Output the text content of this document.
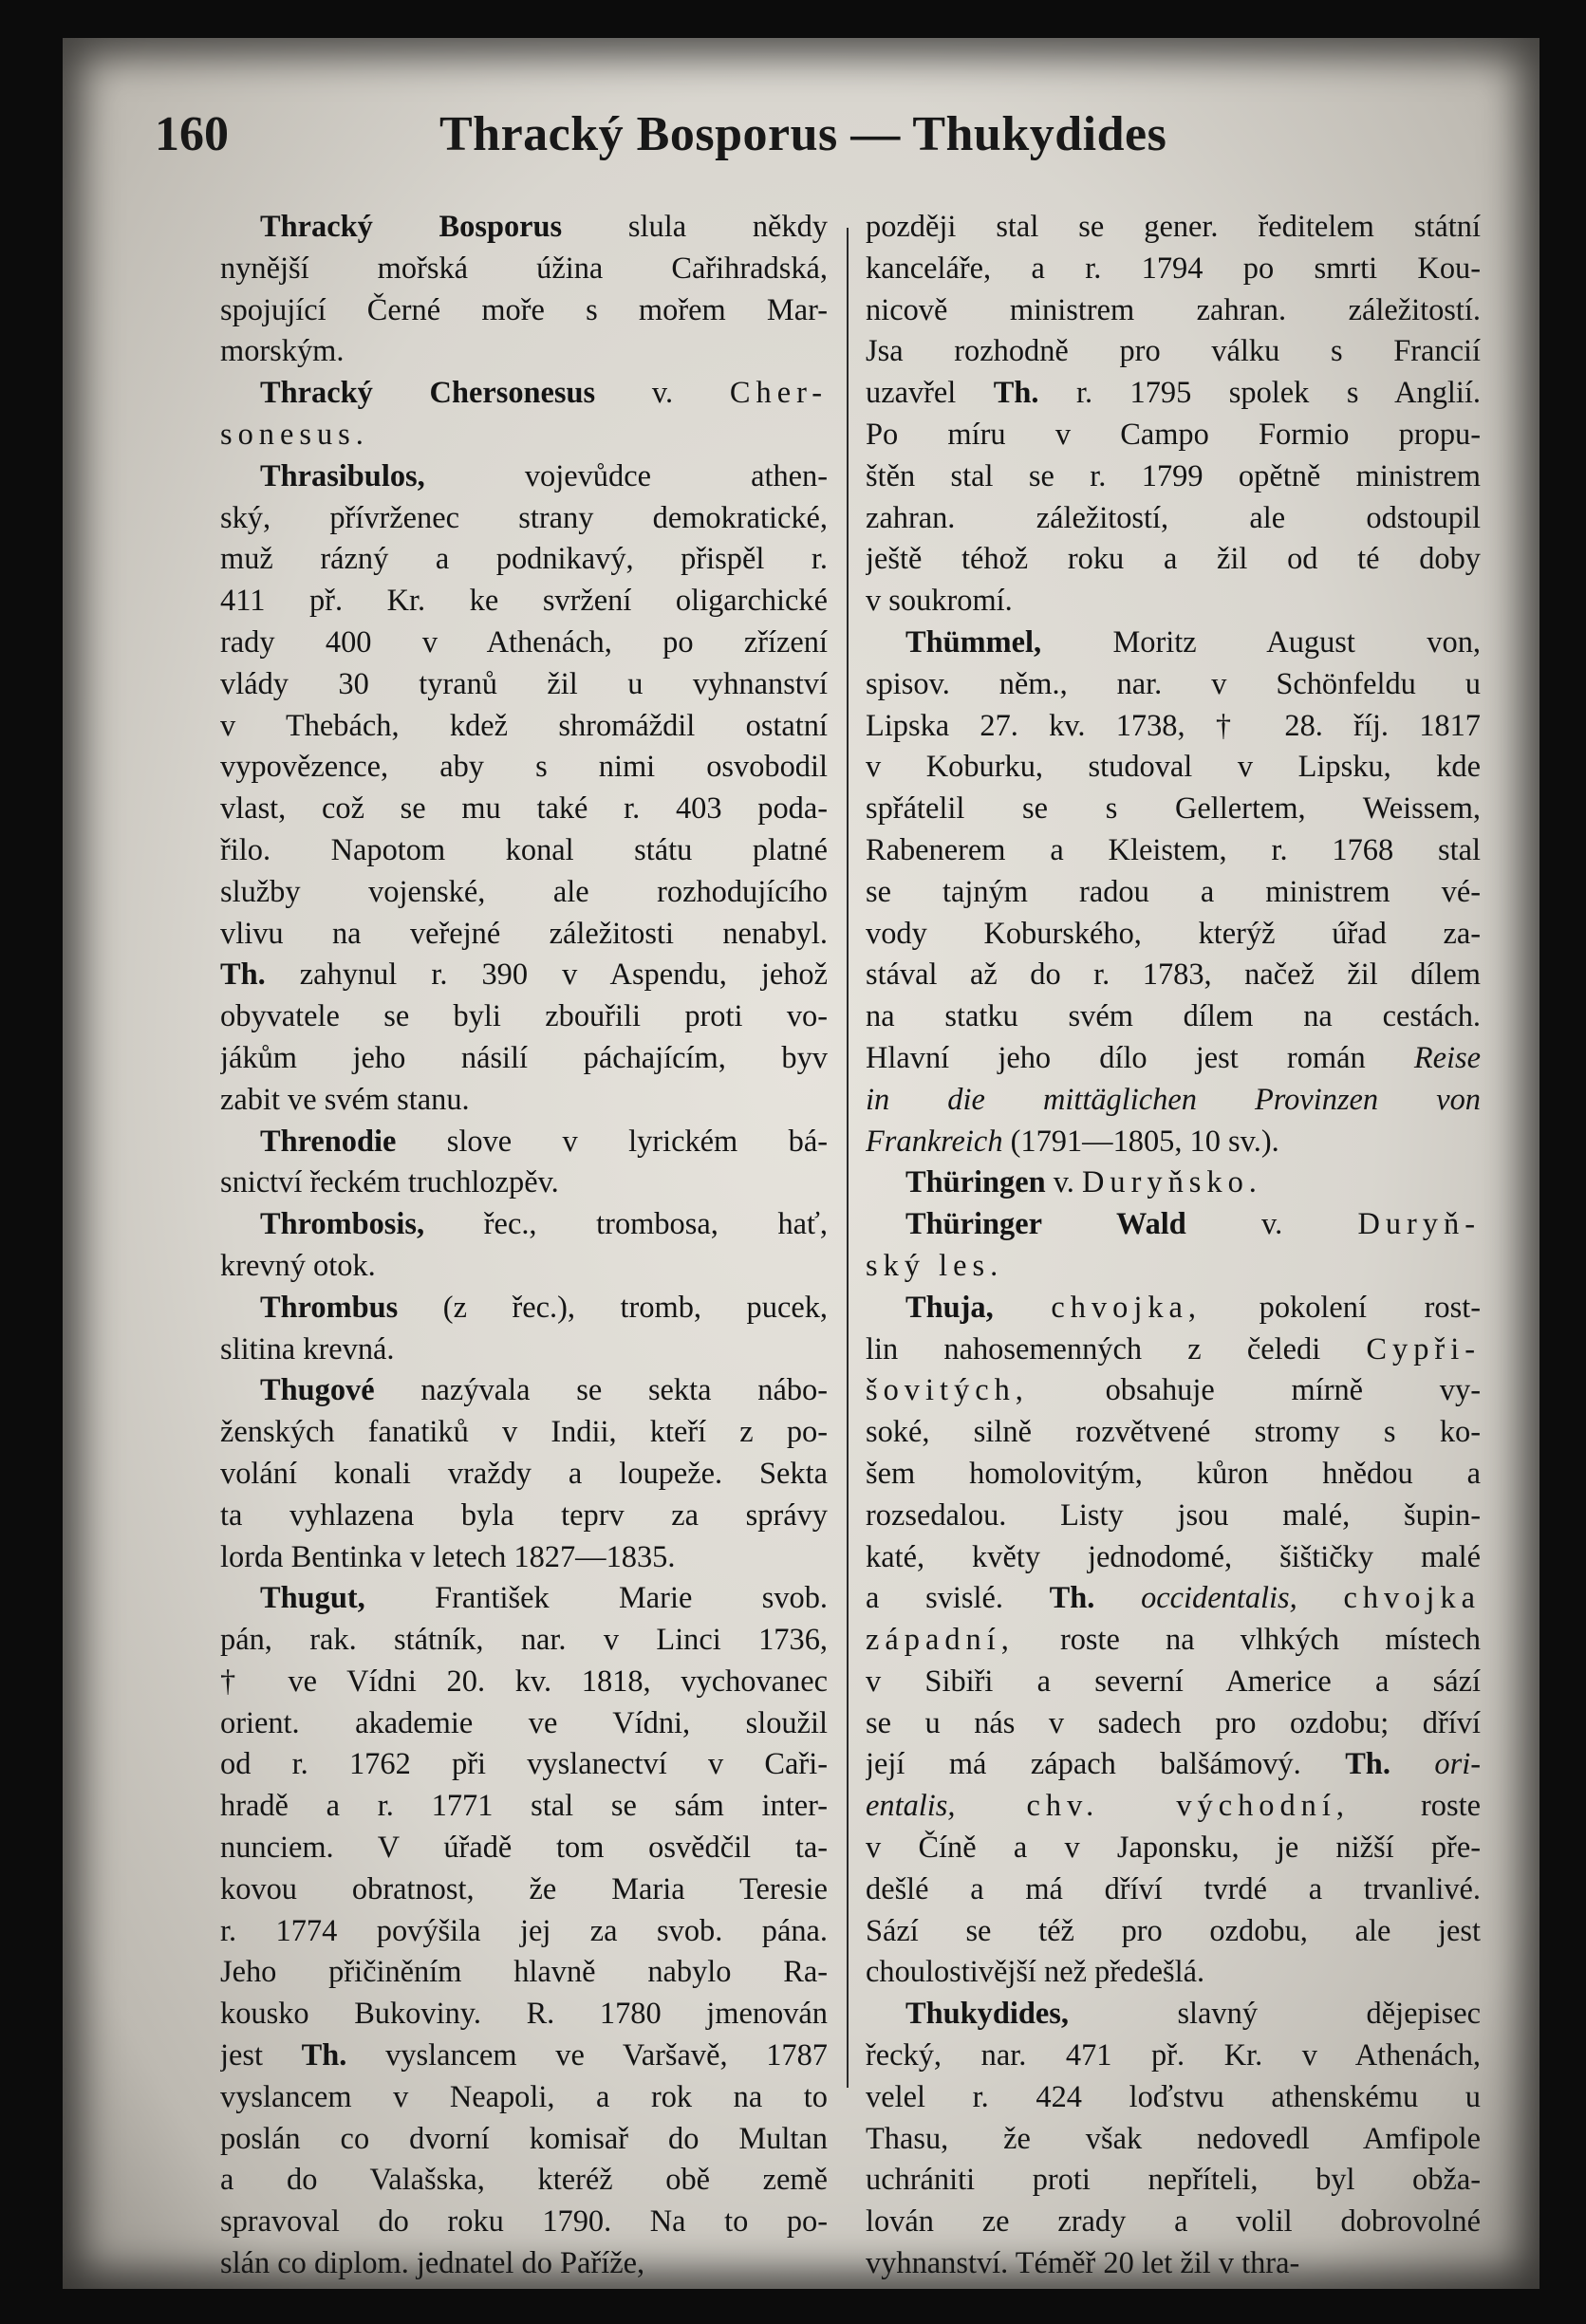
160	Thracký Bosporus — Thukydides
Thracký Bosporus slula někdy
nynější mořská úžina Cařihradská,
spojující Černé moře s mořem Mar-
morským.
Thracký Chersonesus v. Cher-
sonesus.
Thrasibulos, vojevůdce athen-
ský, přívrženec strany demokratické,
muž rázný a podnikavý, přispěl r.
411 př. Kr. ke svržení oligarchické
rady 400 v Athenách, po zřízení
vlády 30 tyranů žil u vyhnanství
v Thebách, kdež shromáždil ostatní
vypovězence, aby s nimi osvobodil
vlast, což se mu také r. 403 poda-
řilo. Napotom konal státu platné
služby vojenské, ale rozhodujícího
vlivu na veřejné záležitosti nenabyl.
Th. zahynul r. 390 v Aspendu, jehož
obyvatele se byli zbouřili proti vo-
jákům jeho násilí páchajícím, byv
zabit ve svém stanu.
Threnodie slove v lyrickém bá-
snictví řeckém truchlozpěv.
Thrombosis, řec., trombosa, hať,
krevný otok.
Thrombus (z řec.), tromb, pucek,
slitina krevná.
Thugové nazývala se sekta nábo-
ženských fanatiků v Indii, kteří z po-
volání konali vraždy a loupeže. Sekta
ta vyhlazena byla teprv za správy
lorda Bentinka v letech 1827—1835.
Thugut, František Marie svob.
pán, rak. státník, nar. v Linci 1736,
† ve Vídni 20. kv. 1818, vychovanec
orient. akademie ve Vídni, sloužil
od r. 1762 při vyslanectví v Caři-
hradě a r. 1771 stal se sám inter-
nunciem. V úřadě tom osvědčil ta-
kovou obratnost, že Maria Teresie
r. 1774 povýšila jej za svob. pána.
Jeho přičiněním hlavně nabylo Ra-
kousko Bukoviny. R. 1780 jmenován
jest Th. vyslancem ve Varšavě, 1787
vyslancem v Neapoli, a rok na to
poslán co dvorní komisař do Multan
a do Valašska, kteréž obě země
spravoval do roku 1790. Na to po-
slán co diplom. jednatel do Paříže,
později stal se gener. ředitelem státní
kanceláře, a r. 1794 po smrti Kou-
nicově ministrem zahran. záležitostí.
Jsa rozhodně pro válku s Francií
uzavřel Th. r. 1795 spolek s Anglií.
Po míru v Campo Formio propu-
štěn stal se r. 1799 opětně ministrem
zahran. záležitostí, ale odstoupil
ještě téhož roku a žil od té doby
v soukromí.
Thümmel, Moritz August von,
spisov. něm., nar. v Schönfeldu u
Lipska 27. kv. 1738, † 28. říj. 1817
v Koburku, studoval v Lipsku, kde
spřátelil se s Gellertem, Weissem,
Rabenerem a Kleistem, r. 1768 stal
se tajným radou a ministrem vé-
vody Koburského, kterýž úřad za-
stával až do r. 1783, načež žil dílem
na statku svém dílem na cestách.
Hlavní jeho dílo jest román Reise
in die mittäglichen Provinzen von
Frankreich (1791—1805, 10 sv.).
Thüringen v. Duryňsko.
Thüringer Wald v. Duryň-
ský les.
Thuja, chvojka, pokolení rost-
lin nahosemenných z čeledi Cypři-
šovitých, obsahuje mírně vy-
soké, silně rozvětvené stromy s ko-
šem homolovitým, kůron hnědou a
rozsedalou. Listy jsou malé, šupin-
katé, květy jednodomé, šištičky malé
a svislé. Th. occidentalis, chvojka
západní, roste na vlhkých místech
v Sibiři a severní Americe a sází
se u nás v sadech pro ozdobu; dříví
její má zápach balšámový. Th. ori-
entalis, chv. východní, roste
v Číně a v Japonsku, je nižší pře-
dešlé a má dříví tvrdé a trvanlivé.
Sází se též pro ozdobu, ale jest
choulostivější než předešlá.
Thukydides, slavný dějepisec
řecký, nar. 471 př. Kr. v Athenách,
velel r. 424 loďstvu athenskému u
Thasu, že však nedovedl Amfipole
uchrániti proti nepříteli, byl obža-
lován ze zrady a volil dobrovolné
vyhnanství. Téměř 20 let žil v thra-
